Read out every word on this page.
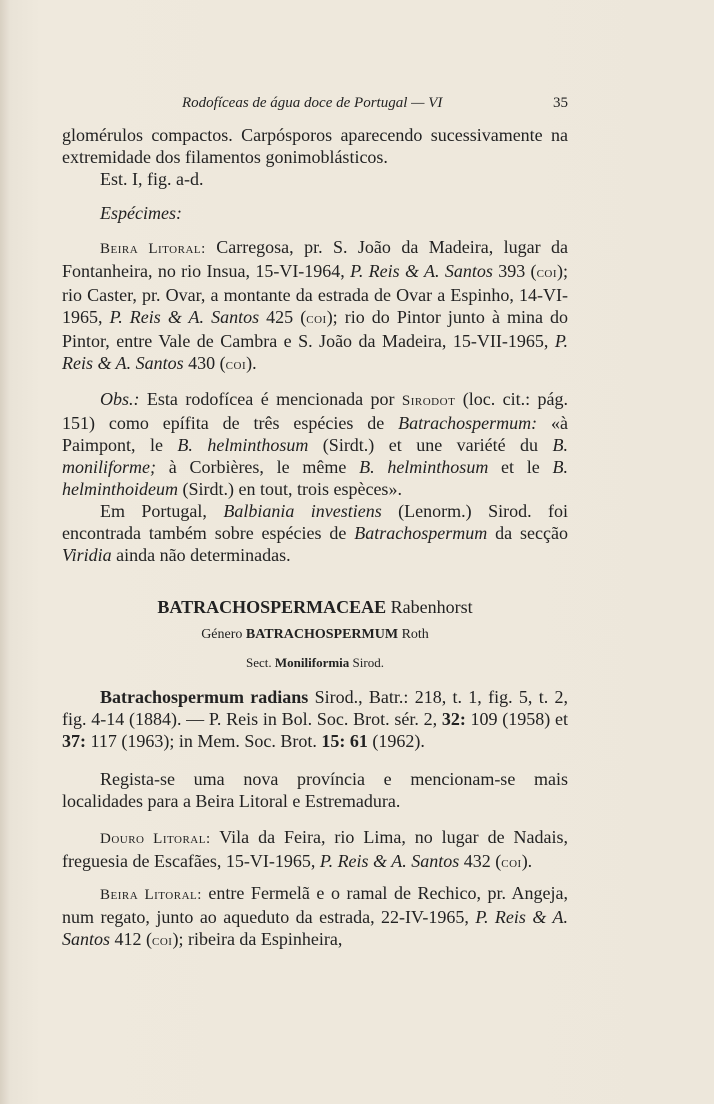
Rodofíceas de água doce de Portugal — VI	35

glomérulos compactos. Carpósporos aparecendo sucessivamente na extremidade dos filamentos gonimoblásticos.

Est. I, fig. a-d.

Espécimes:

Beira Litoral: Carregosa, pr. S. João da Madeira, lugar da Fontanheira, no rio Insua, 15-VI-1964, P. Reis & A. Santos 393 (coi); rio Caster, pr. Ovar, a montante da estrada de Ovar a Espinho, 14-VI-1965, P. Reis & A. Santos 425 (coi); rio do Pintor junto à mina do Pintor, entre Vale de Cambra e S. João da Madeira, 15-VII-1965, P. Reis & A. Santos 430 (coi).

Obs.: Esta rodofícea é mencionada por Sirodot (loc. cit.: pág. 151) como epífita de três espécies de Batrachospermum: «à Paimpont, le B. helminthosum (Sirdt.) et une variété du B. moniliforme; à Corbières, le même B. helminthosum et le B. helminthoideum (Sirdt.) en tout, trois espèces».

Em Portugal, Balbiania investiens (Lenorm.) Sirod. foi encontrada também sobre espécies de Batrachospermum da secção Viridia ainda não determinadas.

BATRACHOSPERMACEAE Rabenhorst

Género BATRACHOSPERMUM Roth

Sect. Moniliformia Sirod.

Batrachospermum radians Sirod., Batr.: 218, t. 1, fig. 5, t. 2, fig. 4-14 (1884). — P. Reis in Bol. Soc. Brot. sér. 2, 32: 109 (1958) et 37: 117 (1963); in Mem. Soc. Brot. 15: 61 (1962).

Regista-se uma nova província e mencionam-se mais localidades para a Beira Litoral e Estremadura.

Douro Litoral: Vila da Feira, rio Lima, no lugar de Nadais, freguesia de Escafães, 15-VI-1965, P. Reis & A. Santos 432 (coi).

Beira Litoral: entre Fermelã e o ramal de Rechico, pr. Angeja, num regato, junto ao aqueduto da estrada, 22-IV-1965, P. Reis & A. Santos 412 (coi); ribeira da Espinheira,
